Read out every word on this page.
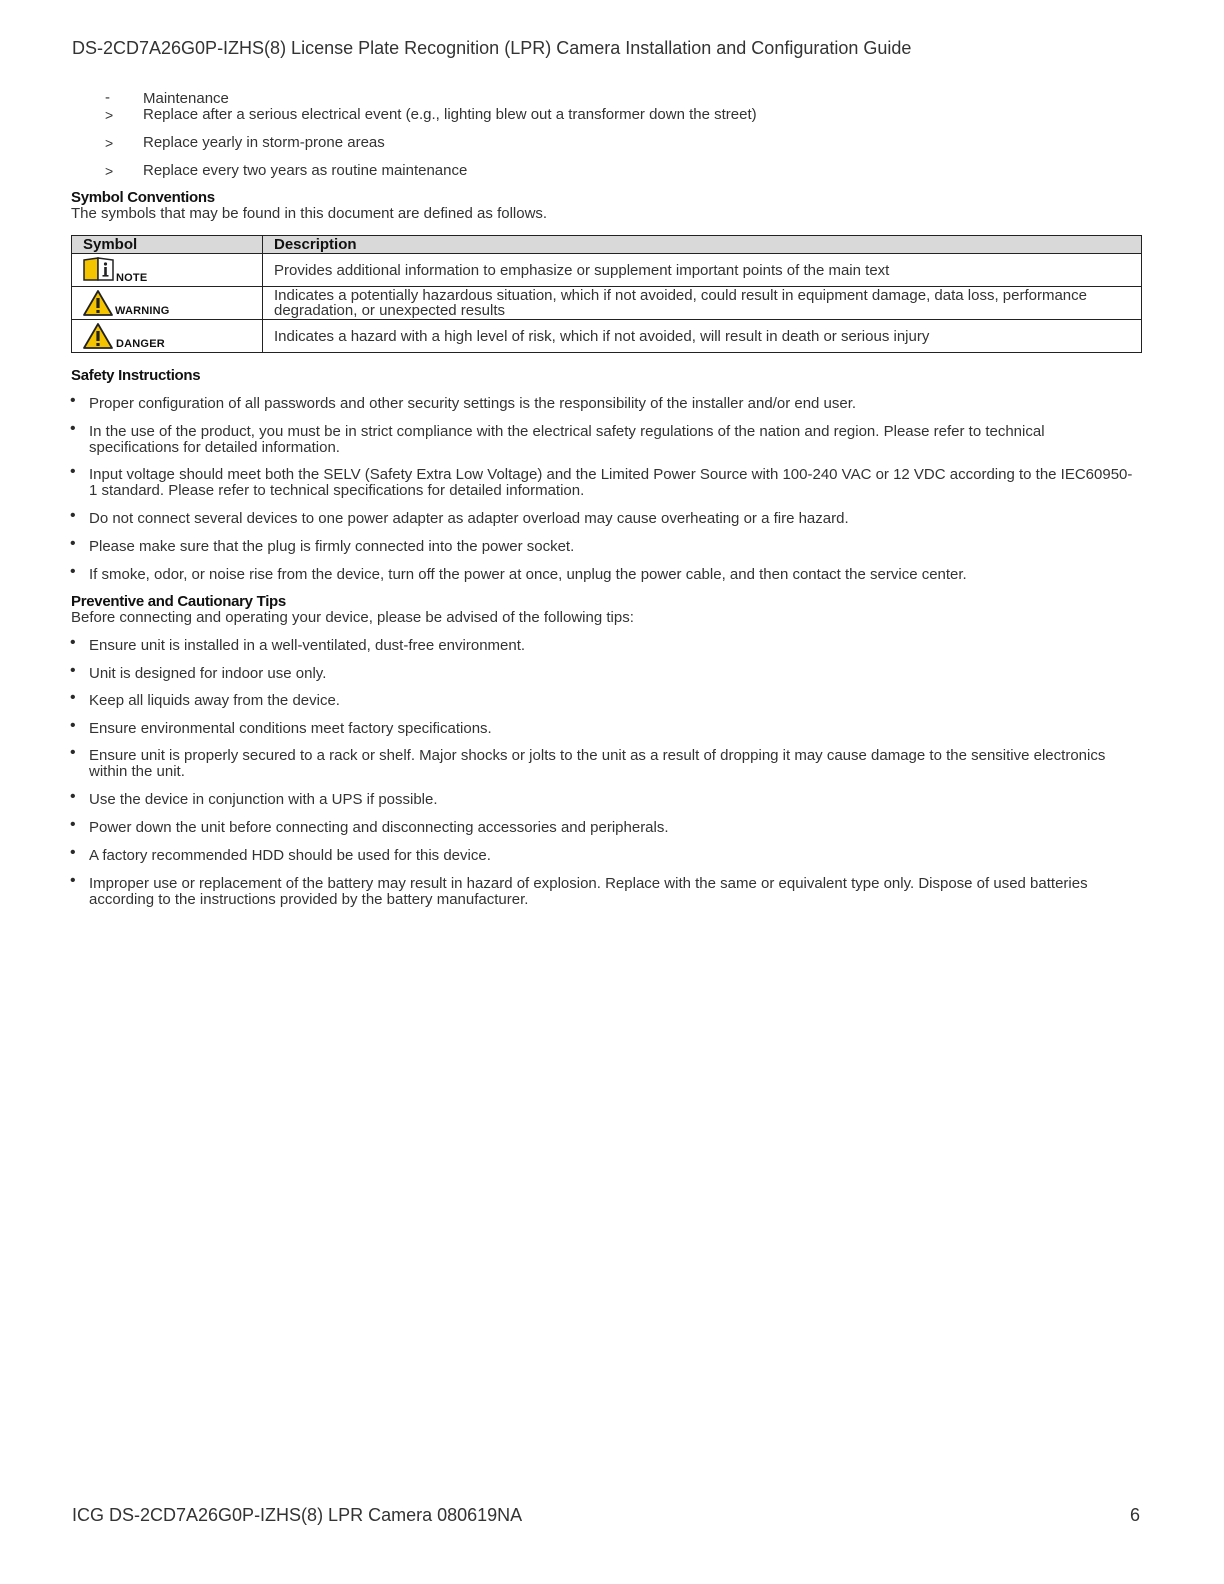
DS-2CD7A26G0P-IZHS(8) License Plate Recognition (LPR) Camera Installation and Configuration Guide
- Maintenance
> Replace after a serious electrical event (e.g., lighting blew out a transformer down the street)
> Replace yearly in storm-prone areas
> Replace every two years as routine maintenance
Symbol Conventions
The symbols that may be found in this document are defined as follows.
Symbol	Description

NOTE	Provides additional information to emphasize or supplement important points of the main text

WARNING	Indicates a potentially hazardous situation, which if not avoided, could result in equipment damage, data loss, performance degradation, or unexpected results

DANGER	Indicates a hazard with a high level of risk, which if not avoided, will result in death or serious injury
Safety Instructions
• Proper configuration of all passwords and other security settings is the responsibility of the installer and/or end user.
• In the use of the product, you must be in strict compliance with the electrical safety regulations of the nation and region. Please refer to technical specifications for detailed information.
• Input voltage should meet both the SELV (Safety Extra Low Voltage) and the Limited Power Source with 100-240 VAC or 12 VDC according to the IEC60950-1 standard. Please refer to technical specifications for detailed information.
• Do not connect several devices to one power adapter as adapter overload may cause overheating or a fire hazard.
• Please make sure that the plug is firmly connected into the power socket.
• If smoke, odor, or noise rise from the device, turn off the power at once, unplug the power cable, and then contact the service center.
Preventive and Cautionary Tips
Before connecting and operating your device, please be advised of the following tips:
• Ensure unit is installed in a well-ventilated, dust-free environment.
• Unit is designed for indoor use only.
• Keep all liquids away from the device.
• Ensure environmental conditions meet factory specifications.
• Ensure unit is properly secured to a rack or shelf. Major shocks or jolts to the unit as a result of dropping it may cause damage to the sensitive electronics within the unit.
• Use the device in conjunction with a UPS if possible.
• Power down the unit before connecting and disconnecting accessories and peripherals.
• A factory recommended HDD should be used for this device.
• Improper use or replacement of the battery may result in hazard of explosion. Replace with the same or equivalent type only. Dispose of used batteries according to the instructions provided by the battery manufacturer.
ICG DS-2CD7A26G0P-IZHS(8) LPR Camera 080619NA	6
